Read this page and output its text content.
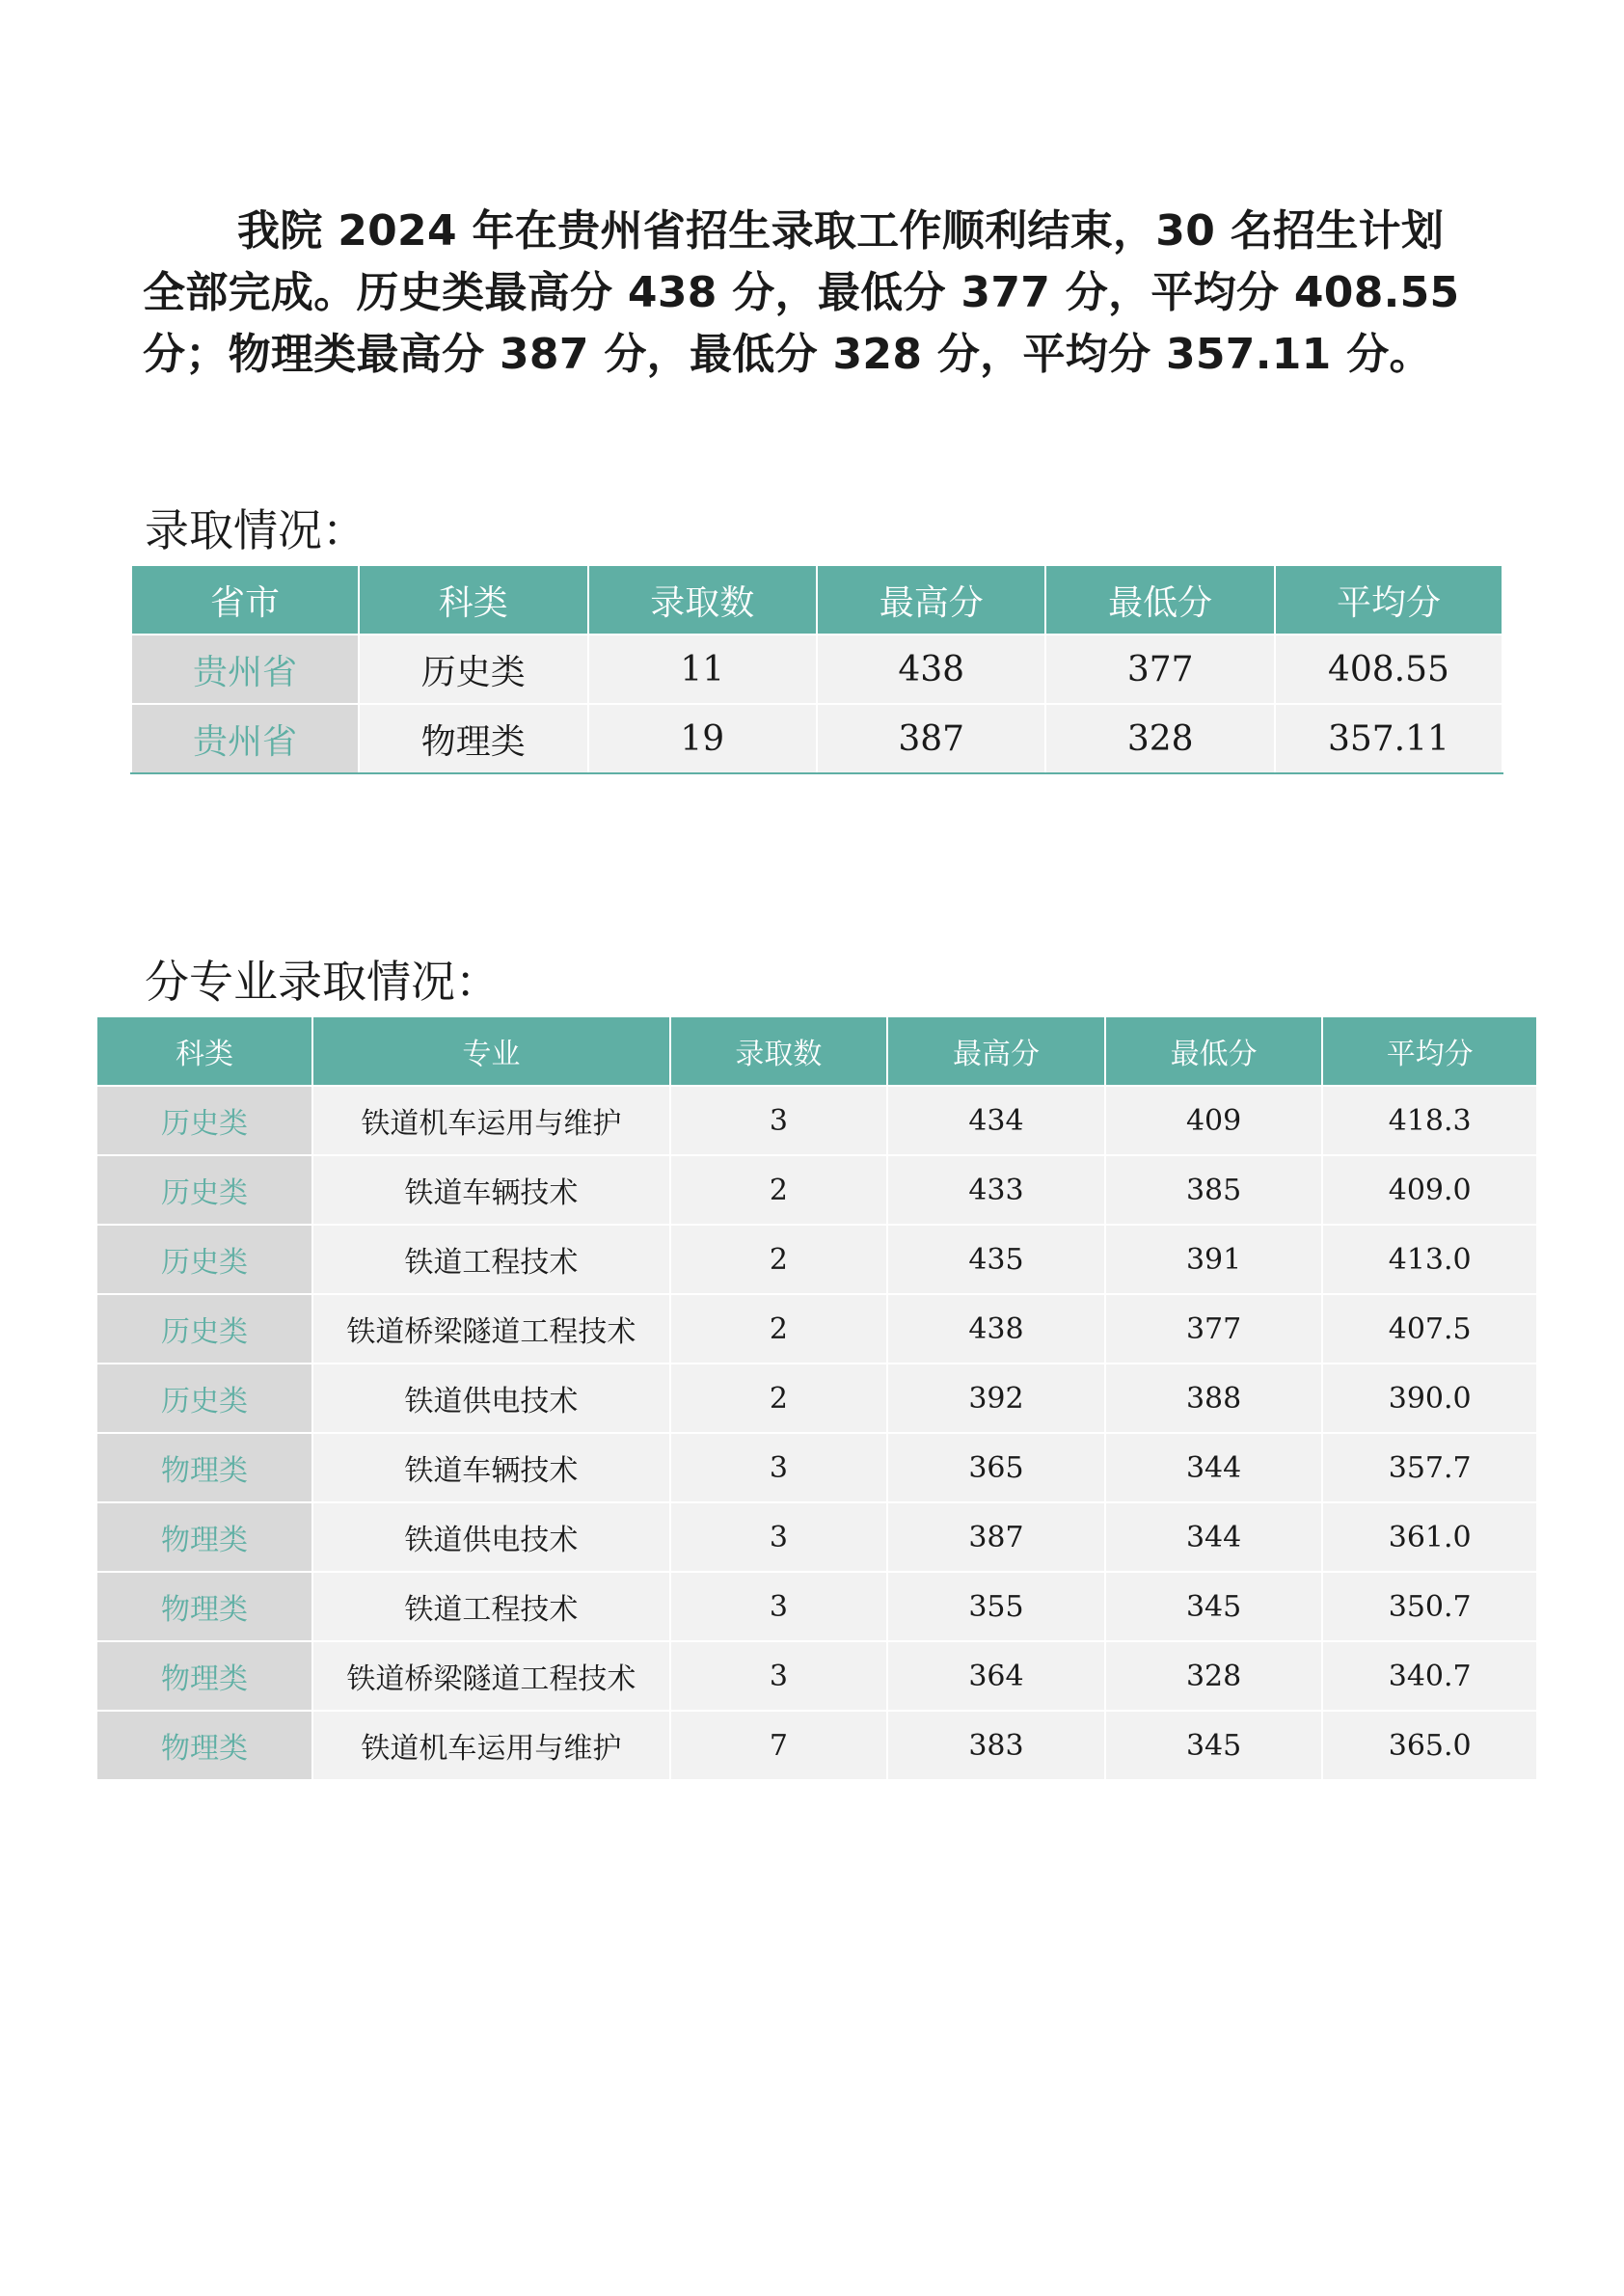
我院 2024 年在贵州省招生录取工作顺利结束，30 名招生计划
全部完成。历史类最高分 438 分，最低分 377 分，平均分 408.55
分；物理类最高分 387 分，最低分 328 分，平均分 357.11 分。
录取情况：
省市	科类	录取数	最高分	最低分	平均分
贵州省	历史类	11	438	377	408.55
贵州省	物理类	19	387	328	357.11
分专业录取情况：
科类	专业	录取数	最高分	最低分	平均分
历史类	铁道机车运用与维护	3	434	409	418.3
历史类	铁道车辆技术	2	433	385	409.0
历史类	铁道工程技术	2	435	391	413.0
历史类	铁道桥梁隧道工程技术	2	438	377	407.5
历史类	铁道供电技术	2	392	388	390.0
物理类	铁道车辆技术	3	365	344	357.7
物理类	铁道供电技术	3	387	344	361.0
物理类	铁道工程技术	3	355	345	350.7
物理类	铁道桥梁隧道工程技术	3	364	328	340.7
物理类	铁道机车运用与维护	7	383	345	365.0
